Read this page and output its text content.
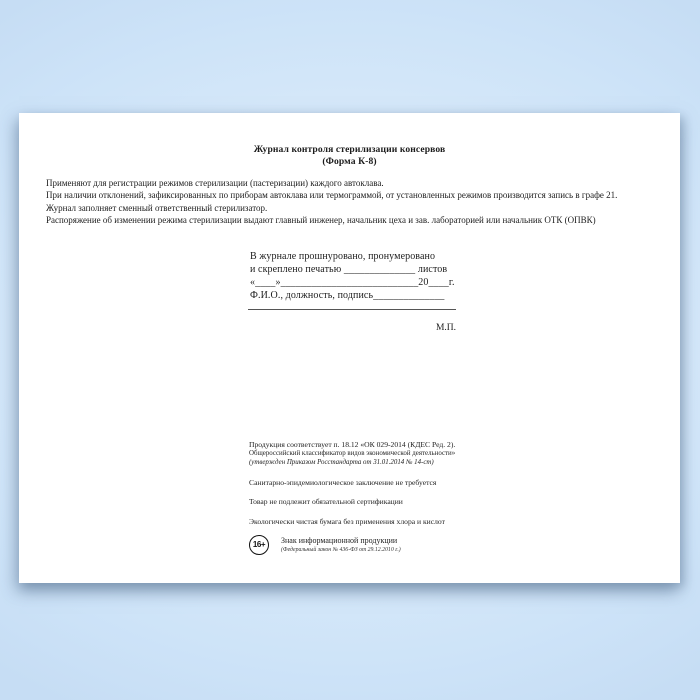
Журнал контроля стерилизации консервов
(Форма К-8)
Применяют для регистрации режимов стерилизации (пастеризации) каждого автоклава.
При наличии отклонений, зафиксированных по приборам автоклава или термограммой, от установленных режимов производится запись в графе 21.
Журнал заполняет сменный ответственный стерилизатор.
Распоряжение об изменении режима стерилизации выдают главный инженер, начальник цеха и зав. лабораторией или начальник ОТК (ОПВК)
В журнале прошнуровано, пронумеровано
и скреплено печатью ______________ листов
«____»___________________________20____г.
Ф.И.О., должность, подпись______________
М.П.
Продукция соответствует п. 18.12 «ОК 029-2014 (КДЕС Ред. 2).
Общероссийский классификатор видов экономической деятельности»
(утвержден Приказом Росстандарта от 31.01.2014 № 14-ст)
Санитарно-эпидемиологическое заключение не требуется
Товар не подлежит обязательной сертификации
Экологически чистая бумага без применения хлора и кислот
16+	Знак информационной продукции
(Федеральный закон № 436-ФЗ от 29.12.2010 г.)
